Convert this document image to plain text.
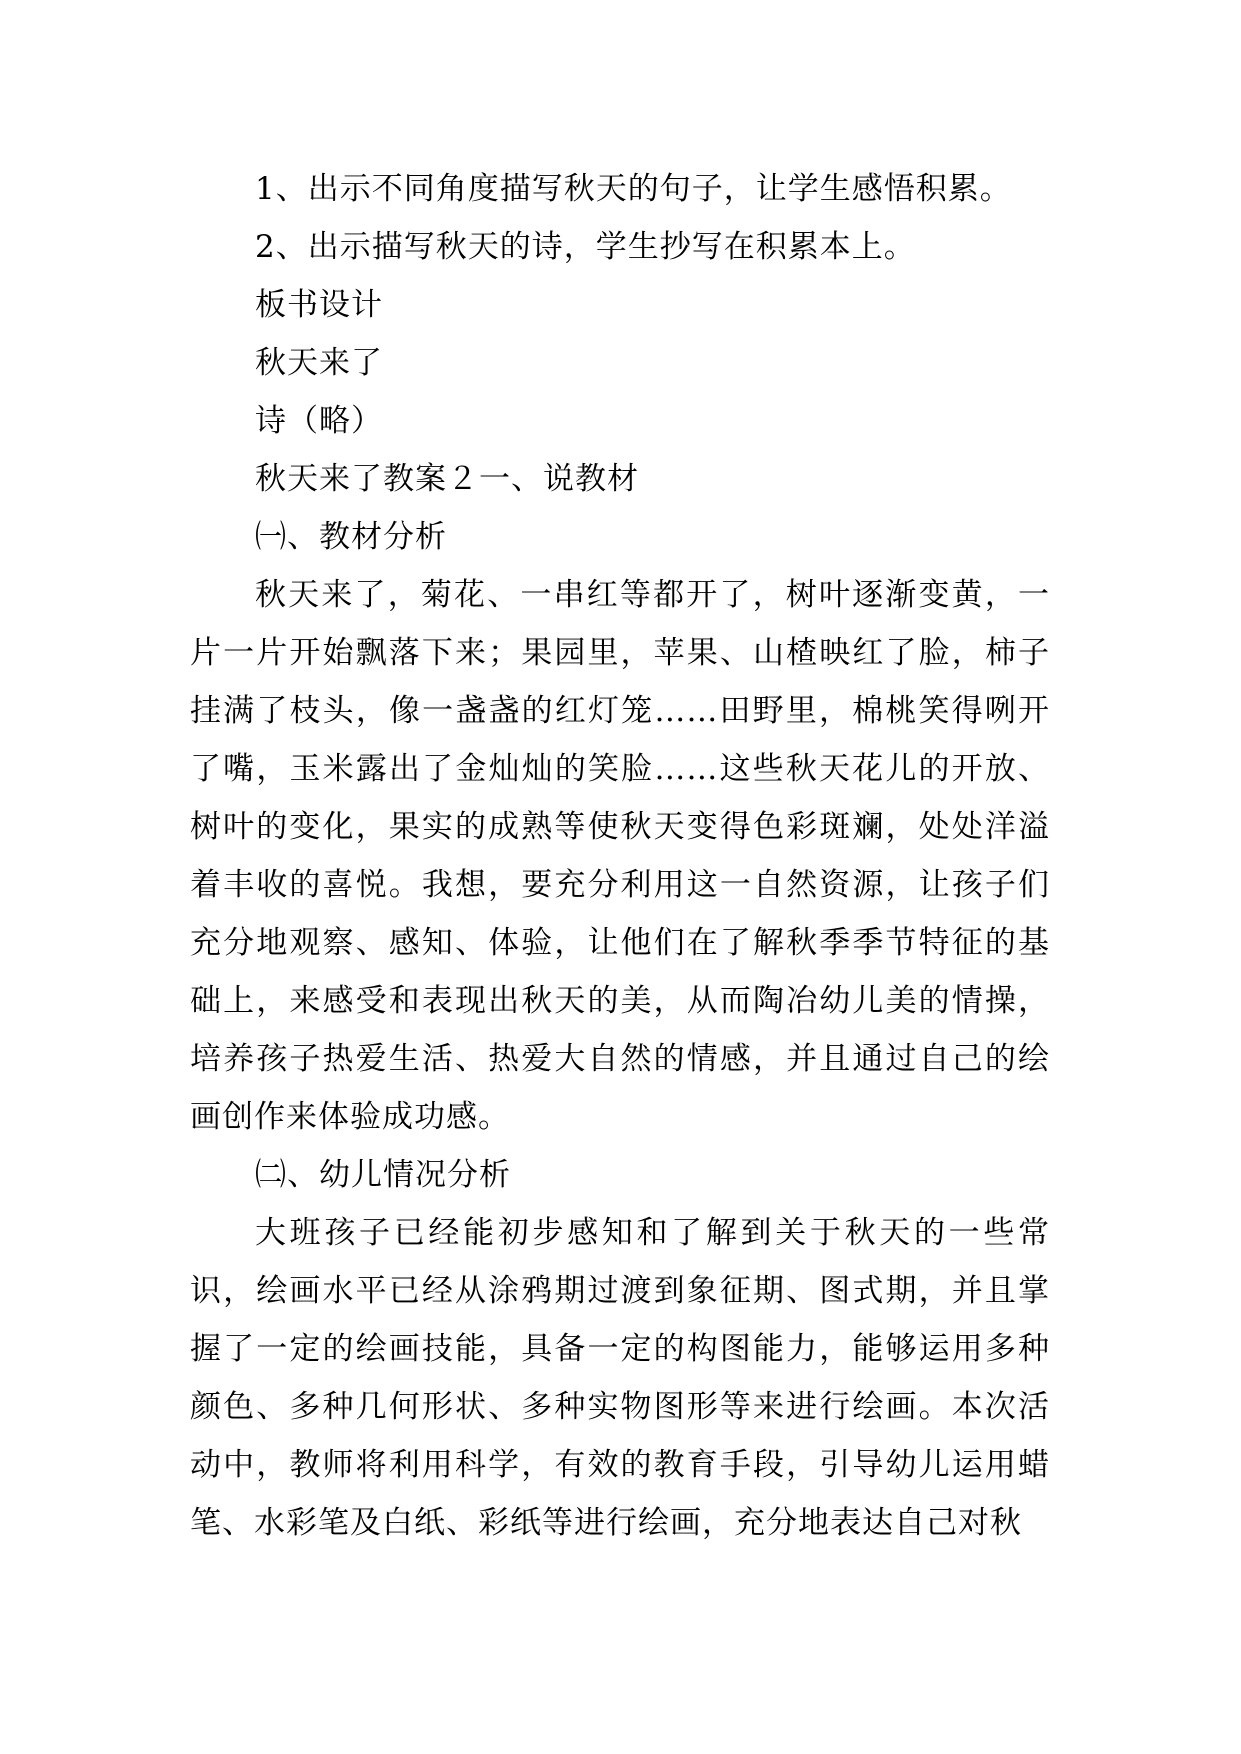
1、出示不同角度描写秋天的句子，让学生感悟积累。
2、出示描写秋天的诗，学生抄写在积累本上。
板书设计
秋天来了
诗（略）
秋天来了教案２一、说教材
㈠、教材分析

秋天来了，菊花、一串红等都开了，树叶逐渐变黄，一片一片开始飘落下来；果园里，苹果、山楂映红了脸，柿子挂满了枝头，像一盏盏的红灯笼……田野里，棉桃笑得咧开了嘴，玉米露出了金灿灿的笑脸……这些秋天花儿的开放、树叶的变化，果实的成熟等使秋天变得色彩斑斓，处处洋溢着丰收的喜悦。我想，要充分利用这一自然资源，让孩子们充分地观察、感知、体验，让他们在了解秋季季节特征的基础上，来感受和表现出秋天的美，从而陶冶幼儿美的情操，培养孩子热爱生活、热爱大自然的情感，并且通过自己的绘画创作来体验成功感。

㈡、幼儿情况分析

大班孩子已经能初步感知和了解到关于秋天的一些常识，绘画水平已经从涂鸦期过渡到象征期、图式期，并且掌握了一定的绘画技能，具备一定的构图能力，能够运用多种颜色、多种几何形状、多种实物图形等来进行绘画。本次活动中，教师将利用科学，有效的教育手段，引导幼儿运用蜡笔、水彩笔及白纸、彩纸等进行绘画，充分地表达自己对秋
